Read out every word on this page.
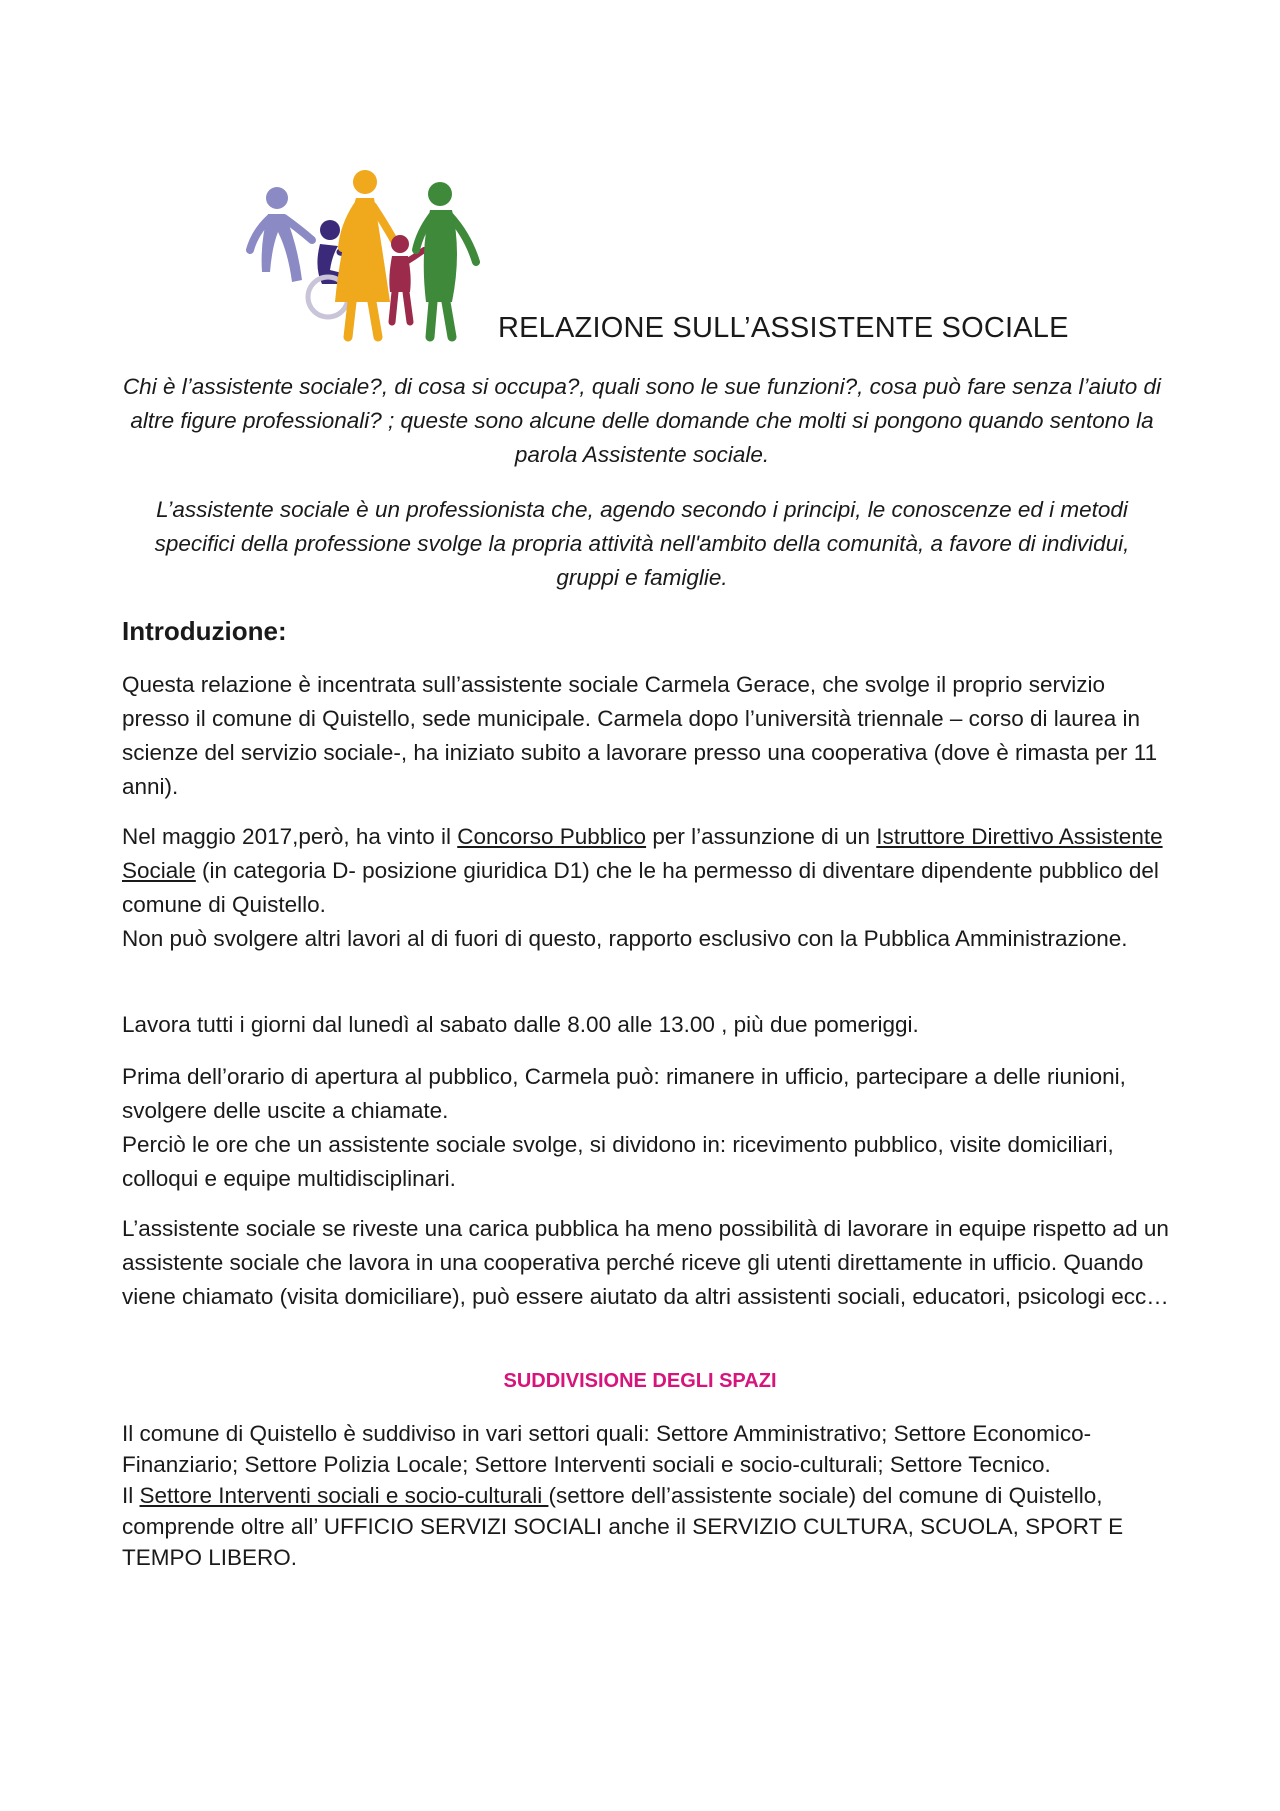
RELAZIONE SULL’ASSISTENTE SOCIALE
Chi è l’assistente sociale?, di cosa si occupa?, quali sono le sue funzioni?, cosa può fare senza l’aiuto di altre figure professionali? ; queste sono alcune delle domande che molti si pongono quando sentono la parola Assistente sociale.
L’assistente sociale è un professionista che, agendo secondo i principi, le conoscenze ed i metodi specifici della professione svolge la propria attività nell'ambito della comunità, a favore di individui, gruppi e famiglie.
Introduzione:
Questa relazione è incentrata sull’assistente sociale Carmela Gerace, che svolge il proprio servizio presso il comune di Quistello, sede municipale. Carmela dopo l’università triennale – corso di laurea in scienze del servizio sociale-, ha iniziato subito a lavorare presso una cooperativa (dove è rimasta per 11 anni).

Nel maggio 2017,però, ha vinto il Concorso Pubblico per l’assunzione di un Istruttore Direttivo Assistente Sociale (in categoria D- posizione giuridica D1) che le ha permesso di diventare dipendente pubblico del comune di Quistello.

Non può svolgere altri lavori al di fuori di questo, rapporto esclusivo con la Pubblica Amministrazione.

Lavora tutti i giorni dal lunedì al sabato dalle 8.00 alle 13.00 , più due pomeriggi.

Prima dell’orario di apertura al pubblico, Carmela può: rimanere in ufficio, partecipare a delle riunioni, svolgere delle uscite a chiamate.

Perciò le ore che un assistente sociale svolge, si dividono in: ricevimento pubblico, visite domiciliari, colloqui e equipe multidisciplinari.

L’assistente sociale se riveste una carica pubblica ha meno possibilità di lavorare in equipe rispetto ad un assistente sociale che lavora in una cooperativa perché riceve gli utenti direttamente in ufficio. Quando viene chiamato (visita domiciliare), può essere aiutato da altri assistenti sociali, educatori, psicologi ecc…
SUDDIVISIONE DEGLI SPAZI

Il comune di Quistello è suddiviso in vari settori quali: Settore Amministrativo; Settore Economico-Finanziario; Settore Polizia Locale; Settore Interventi sociali e socio-culturali; Settore Tecnico.

Il Settore Interventi sociali e socio-culturali (settore dell’assistente sociale) del comune di Quistello, comprende oltre all’ UFFICIO SERVIZI SOCIALI anche il SERVIZIO CULTURA, SCUOLA, SPORT E TEMPO LIBERO.
